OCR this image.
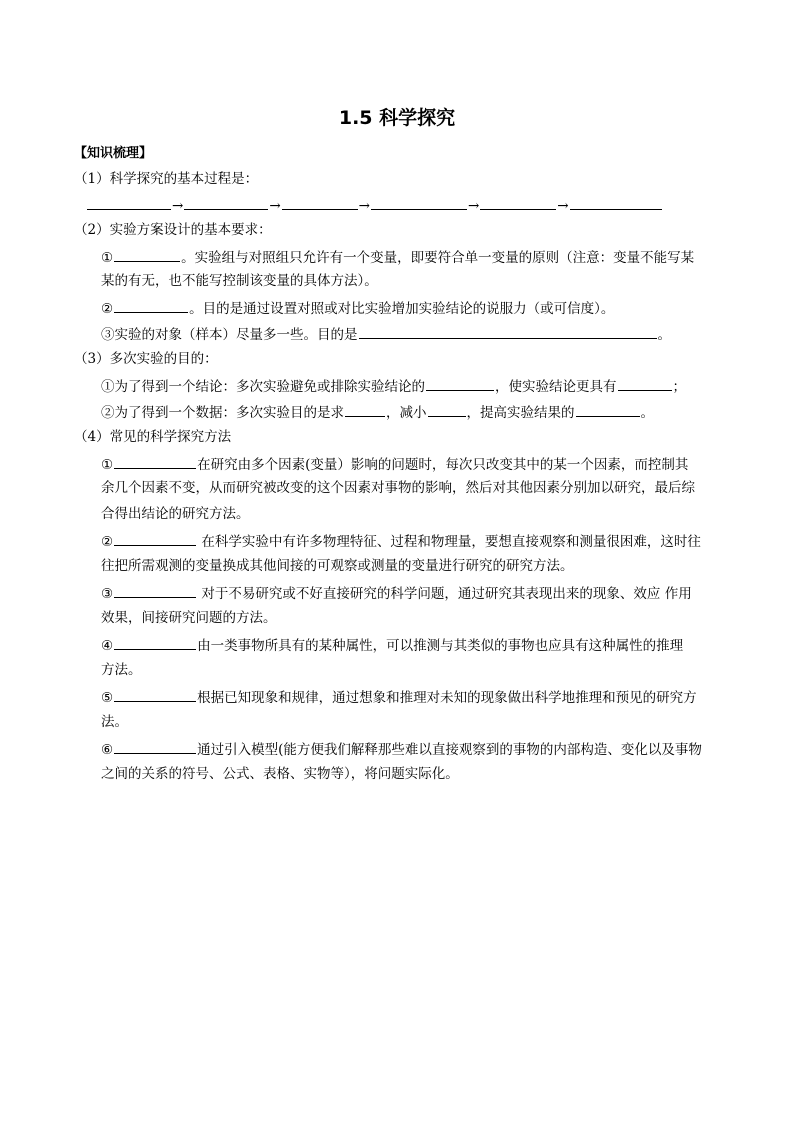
1.5 科学探究
【知识梳理】
（1）科学探究的基本过程是：
→	→	→	→	→
（2）实验方案设计的基本要求：
①	。实验组与对照组只允许有一个变量，即要符合单一变量的原则（注意：变量不能写某
某的有无，也不能写控制该变量的具体方法）。
②	。目的是通过设置对照或对比实验增加实验结论的说服力（或可信度）。
③实验的对象（样本）尽量多一些。目的是	。
（3）多次实验的目的：
①为了得到一个结论：多次实验避免或排除实验结论的	，使实验结论更具有	；
②为了得到一个数据：多次实验目的是求	，减小	，提高实验结果的	。
（4）常见的科学探究方法
①	在研究由多个因素(变量）影响的问题时，每次只改变其中的某一个因素，而控制其
余几个因素不变，从而研究被改变的这个因素对事物的影响，然后对其他因素分别加以研究，最后综
合得出结论的研究方法。
②	在科学实验中有许多物理特征、过程和物理量，要想直接观察和测量很困难，这时往
往把所需观测的变量换成其他间接的可观察或测量的变量进行研究的研究方法。
③	对于不易研究或不好直接研究的科学问题，通过研究其表现出来的现象、效应 作用
效果，间接研究问题的方法。
④	由一类事物所具有的某种属性，可以推测与其类似的事物也应具有这种属性的推理
方法。
⑤	根据已知现象和规律，通过想象和推理对未知的现象做出科学地推理和预见的研究方
法。
⑥	通过引入模型(能方便我们解释那些难以直接观察到的事物的内部构造、变化以及事物
之间的关系的符号、公式、表格、实物等），将问题实际化。
